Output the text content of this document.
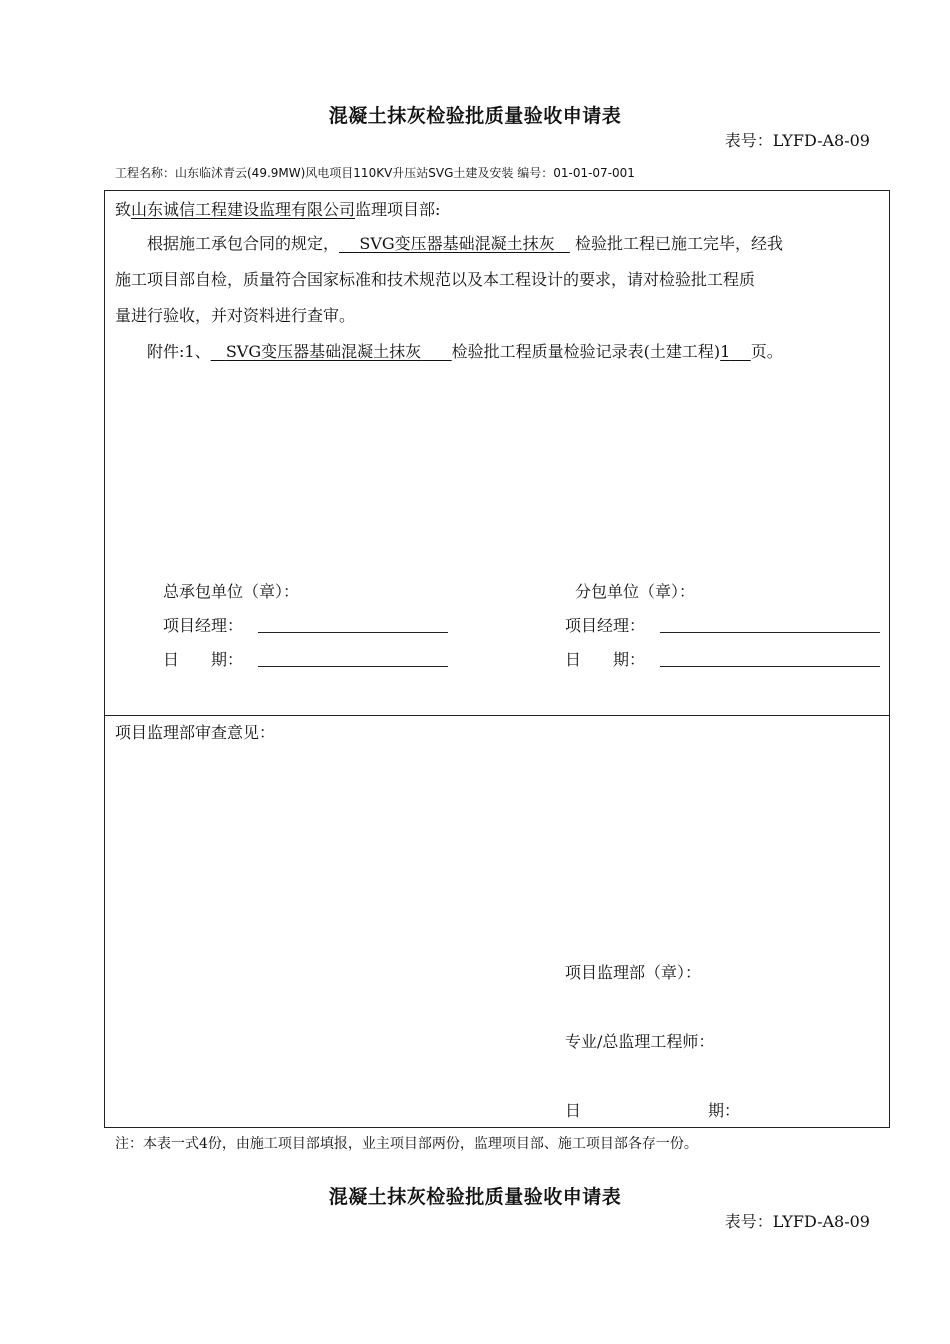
混凝土抹灰检验批质量验收申请表
表号：LYFD-A8-09
工程名称：山东临沭青云(49.9MW)风电项目110KV升压站SVG土建及安装 编号：01-01-07-001
致山东诚信工程建设监理有限公司监理项目部:
根据施工承包合同的规定， SVG变压器基础混凝土抹灰 检验批工程已施工完毕，经我
施工项目部自检，质量符合国家标准和技术规范以及本工程设计的要求，请对检验批工程质
量进行验收，并对资料进行查审。
附件:1、 SVG变压器基础混凝土抹灰 检验批工程质量检验记录表(土建工程)1 页。
总承包单位（章）：	分包单位（章）：
项目经理：	项目经理：
日　　期：	日　　期：
项目监理部审查意见：
项目监理部（章）：
专业/总监理工程师：
日	期：
注：本表一式4份，由施工项目部填报，业主项目部两份，监理项目部、施工项目部各存一份。
混凝土抹灰检验批质量验收申请表
表号：LYFD-A8-09
